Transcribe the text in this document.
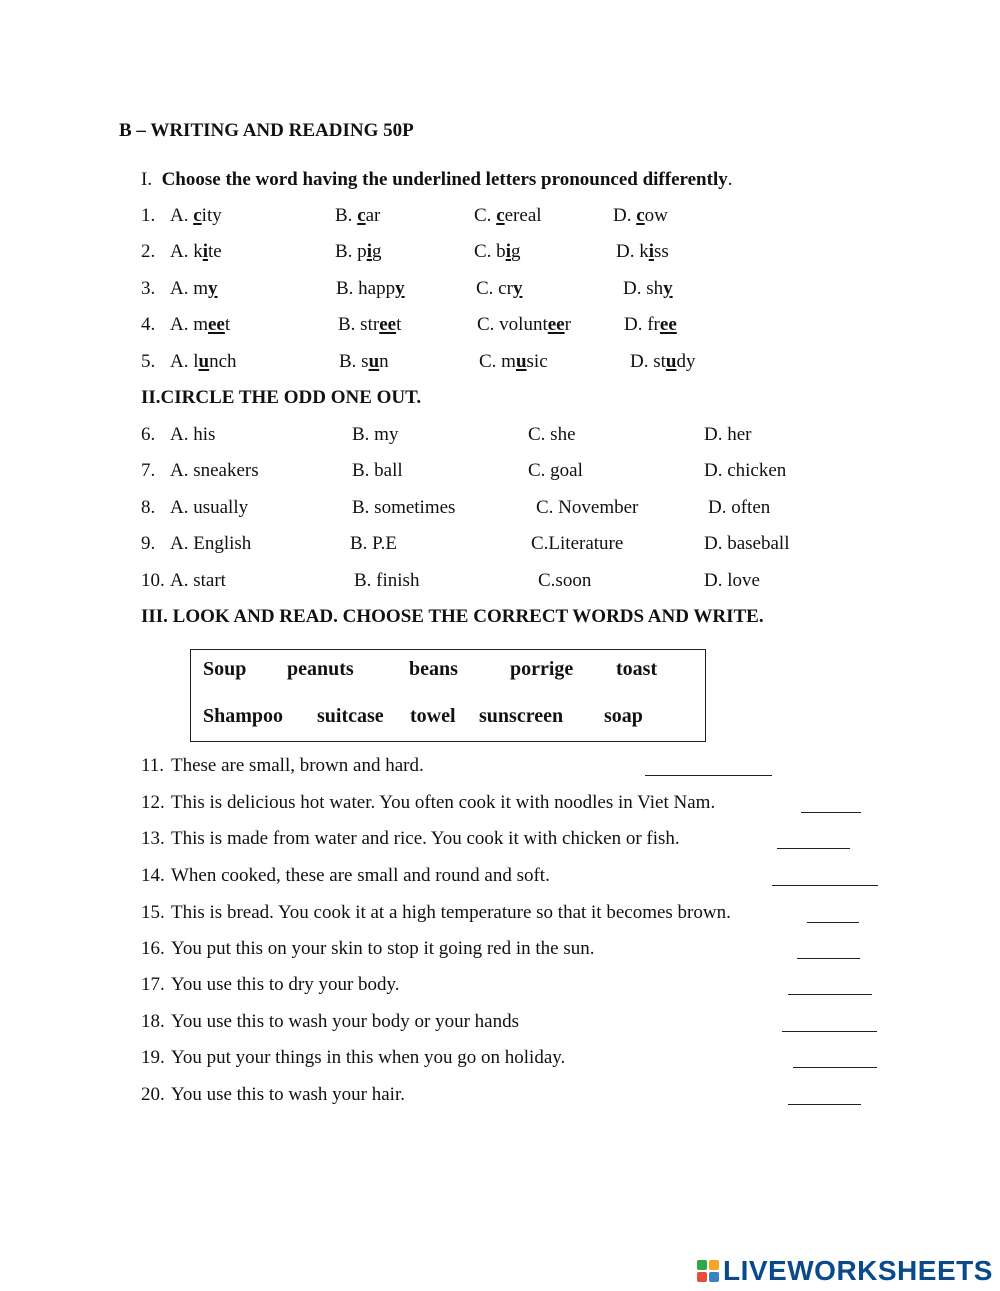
B – WRITING AND READING 50P
I. Choose the word having the underlined letters pronounced differently.
1. A. city	B. car	C. cereal	D. cow
2. A. kite	B. pig	C. big	D. kiss
3. A. my	B. happy	C. cry	D. shy
4. A. meet	B. street	C. volunteer	D. free
5. A. lunch	B. sun	C. music	D. study
II.CIRCLE THE ODD ONE OUT.
6. A. his	B. my	C. she	D. her
7. A. sneakers	B. ball	C. goal	D. chicken
8. A. usually	B. sometimes	C. November	D. often
9. A. English	B. P.E	C.Literature	D. baseball
10. A. start	B. finish	C.soon	D. love
III. LOOK AND READ. CHOOSE THE CORRECT WORDS AND WRITE.
Soup peanuts	beans	porrige toast
Shampoo suitcase towel sunscreen soap
11. These are small, brown and hard.
12. This is delicious hot water. You often cook it with noodles in Viet Nam.
13. This is made from water and rice. You cook it with chicken or fish.
14. When cooked, these are small and round and soft.
15. This is bread. You cook it at a high temperature so that it becomes brown.
16. You put this on your skin to stop it going red in the sun.
17. You use this to dry your body.
18. You use this to wash your body or your hands
19. You put your things in this when you go on holiday.
20. You use this to wash your hair.
LIVEWORKSHEETS
